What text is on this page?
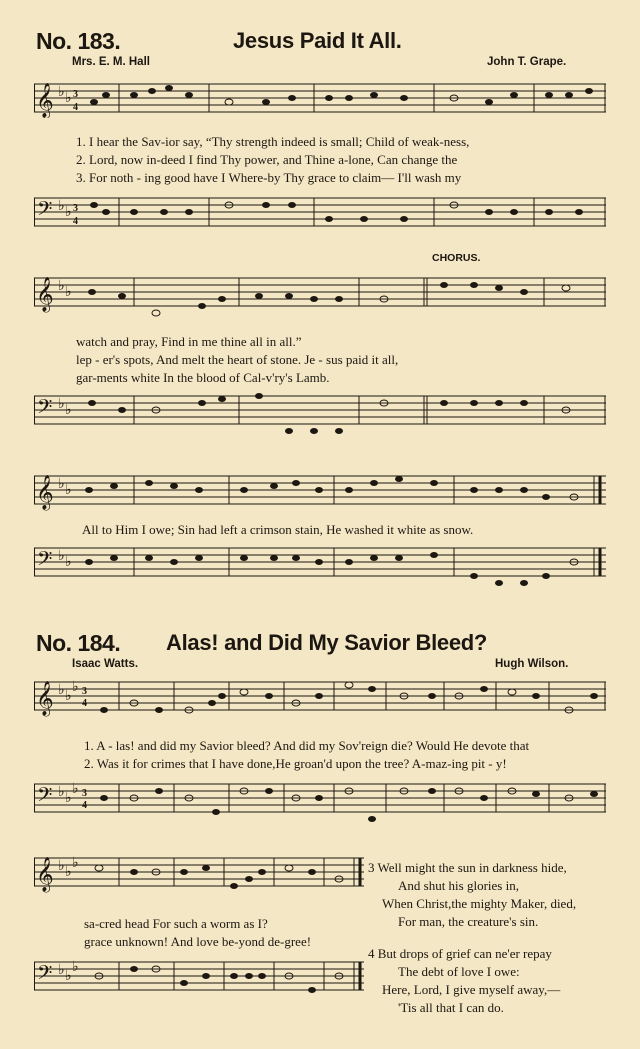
No. 183.	Jesus Paid It All.
Mrs. E. M. Hall	John T. Grape.
𝄞 ♭ ♭ 3
4
1. I hear the Sav-ior say, “Thy strength indeed is small; Child of weak-ness,
2. Lord, now in-deed I find Thy power, and Thine a-lone, Can change the
3. For noth - ing good have I Where-by Thy grace to claim— I'll wash my
𝄢 ♭ ♭ 3
4
CHORUS.
𝄞 ♭ ♭
watch and pray, Find in me thine all in all.”
lep - er's spots, And melt the heart of stone. Je - sus paid it all,
gar-ments white In the blood of Cal-v'ry's Lamb.
𝄢 ♭ ♭
𝄞 ♭ ♭
All to Him I owe; Sin had left a crimson stain, He washed it white as snow.
𝄢 ♭ ♭
No. 184. Alas! and Did My Savior Bleed?
Isaac Watts.	Hugh Wilson.
𝄞 ♭ ♭
♭ 3
4
1. A - las! and did my Savior bleed? And did my Sov'reign die? Would He devote that
2. Was it for crimes that I have done,He groan'd upon the tree? A-maz-ing pit - y!
𝄢 ♭ ♭
♭ 3
4
𝄞 ♭ ♭
♭
sa-cred head For such a worm as I?
grace unknown! And love be-yond de-gree!
𝄢 ♭ ♭
♭
3 Well might the sun in darkness hide,
And shut his glories in,
When Christ,the mighty Maker, died,
For man, the creature's sin.
4 But drops of grief can ne'er repay
The debt of love I owe:
Here, Lord, I give myself away,—
'Tis all that I can do.
